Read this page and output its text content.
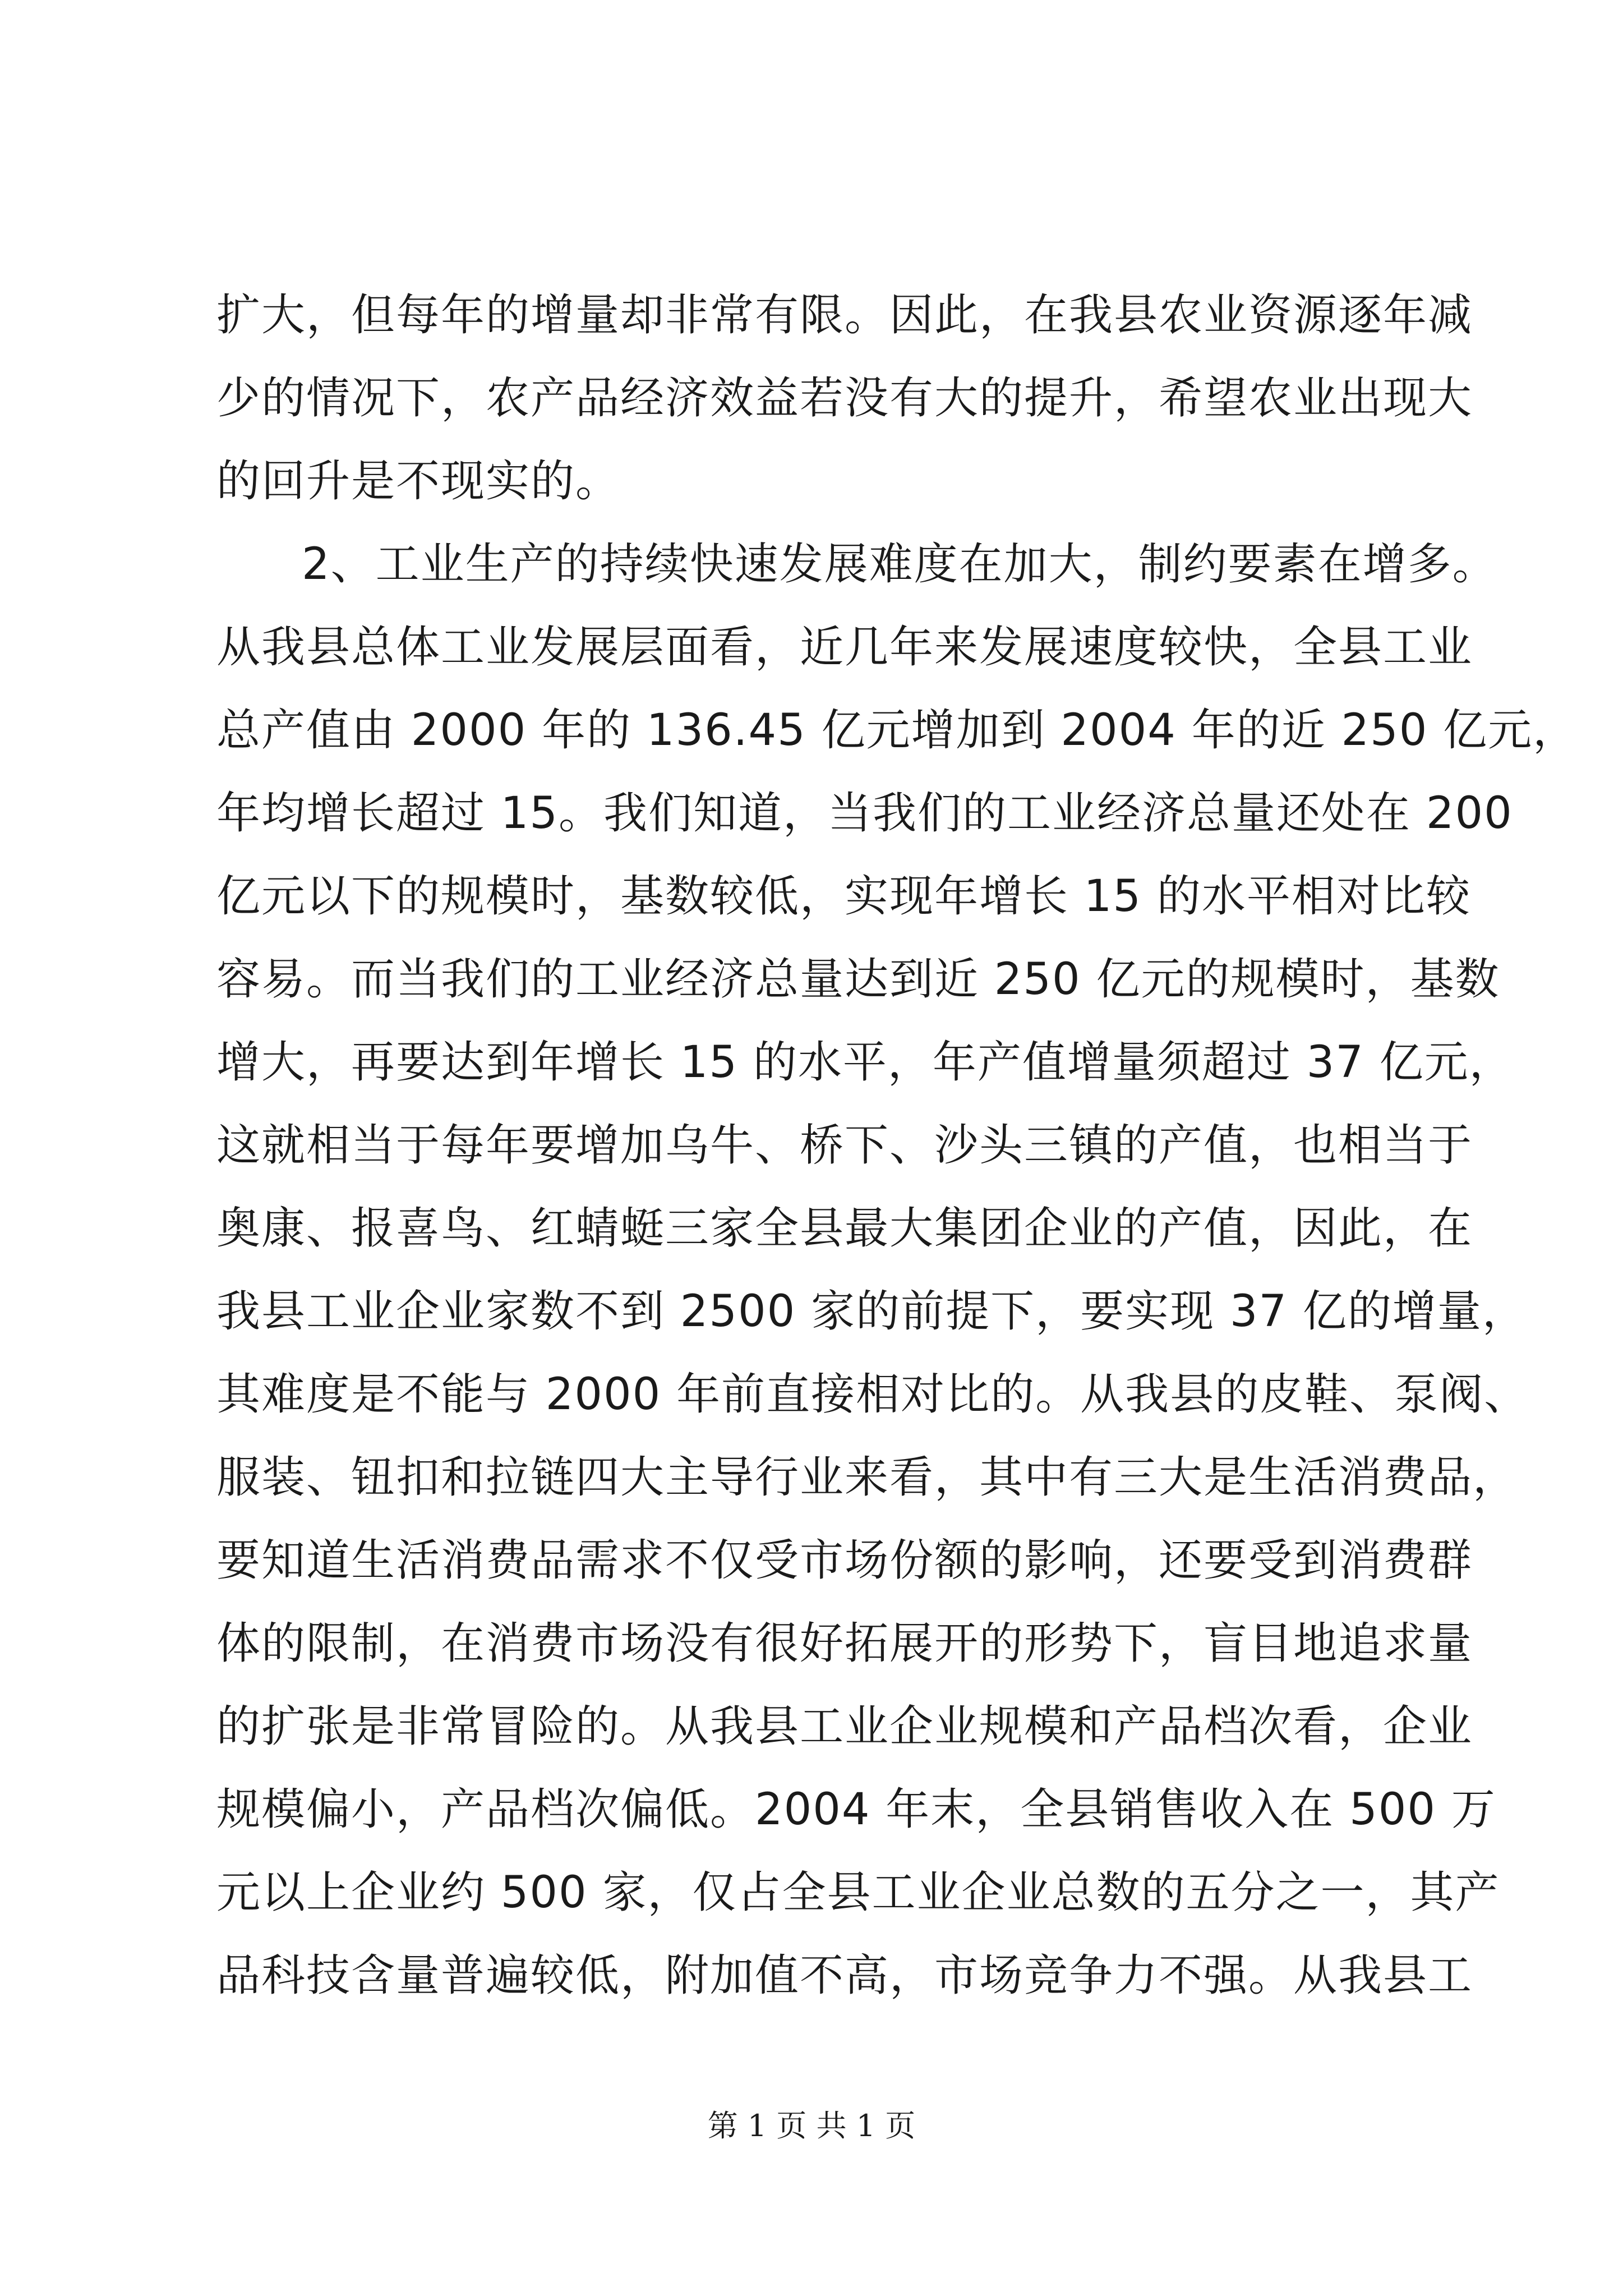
扩大，但每年的增量却非常有限。因此，在我县农业资源逐年减
少的情况下，农产品经济效益若没有大的提升，希望农业出现大
的回升是不现实的。
2、工业生产的持续快速发展难度在加大，制约要素在增多。
从我县总体工业发展层面看，近几年来发展速度较快，全县工业
总产值由 2000 年的 136.45 亿元增加到 2004 年的近 250 亿元，
年均增长超过 15。我们知道，当我们的工业经济总量还处在 200
亿元以下的规模时，基数较低，实现年增长 15 的水平相对比较
容易。而当我们的工业经济总量达到近 250 亿元的规模时，基数
增大，再要达到年增长 15 的水平，年产值增量须超过 37 亿元，
这就相当于每年要增加乌牛、桥下、沙头三镇的产值，也相当于
奥康、报喜鸟、红蜻蜓三家全县最大集团企业的产值，因此，在
我县工业企业家数不到 2500 家的前提下，要实现 37 亿的增量，
其难度是不能与 2000 年前直接相对比的。从我县的皮鞋、泵阀、
服装、钮扣和拉链四大主导行业来看，其中有三大是生活消费品，
要知道生活消费品需求不仅受市场份额的影响，还要受到消费群
体的限制，在消费市场没有很好拓展开的形势下，盲目地追求量
的扩张是非常冒险的。从我县工业企业规模和产品档次看，企业
规模偏小，产品档次偏低。2004 年末，全县销售收入在 500 万
元以上企业约 500 家，仅占全县工业企业总数的五分之一，其产
品科技含量普遍较低，附加值不高，市场竞争力不强。从我县工
第 1 页 共 1 页
